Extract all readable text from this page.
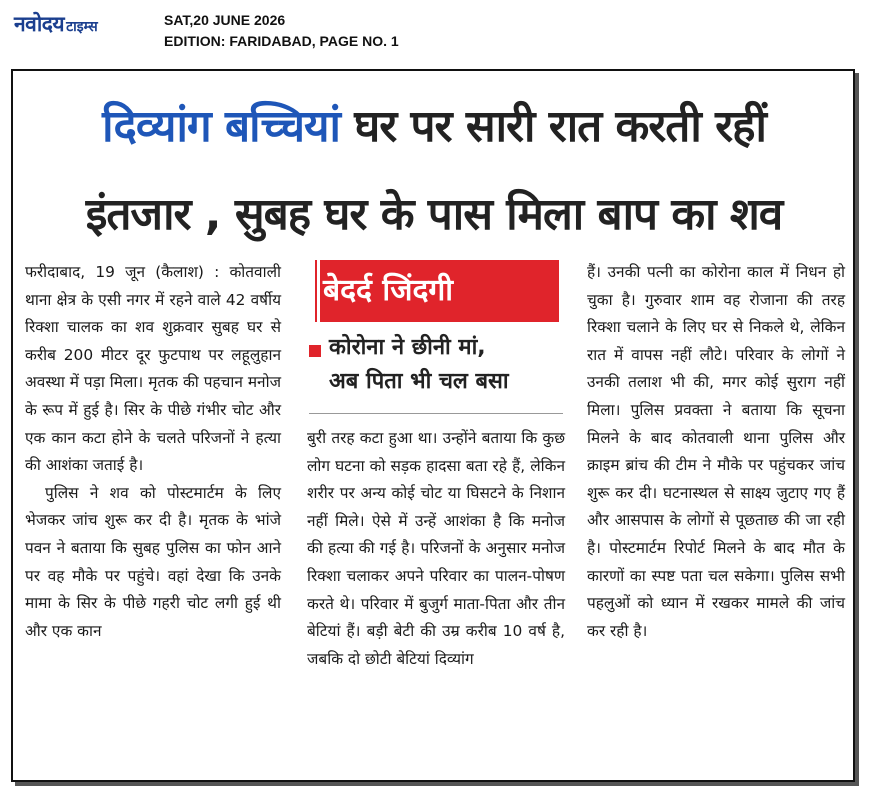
नवोदय टाइम्स	SAT,20 JUNE 2026
EDITION: FARIDABAD, PAGE NO. 1
दिव्यांग बच्चियां घर पर सारी रात करती रहीं
इंतजार , सुबह घर के पास मिला बाप का शव

फरीदाबाद, 19 जून (कैलाश) : कोतवाली थाना क्षेत्र के एसी नगर में रहने वाले 42 वर्षीय रिक्शा चालक का शव शुक्रवार सुबह घर से करीब 200 मीटर दूर फुटपाथ पर लहूलुहान अवस्था में पड़ा मिला। मृतक की पहचान मनोज के रूप में हुई है। सिर के पीछे गंभीर चोट और एक कान कटा होने के चलते परिजनों ने हत्या की आशंका जताई है।

पुलिस ने शव को पोस्टमार्टम के लिए भेजकर जांच शुरू कर दी है। मृतक के भांजे पवन ने बताया कि सुबह पुलिस का फोन आने पर वह मौके पर पहुंचे। वहां देखा कि उनके मामा के सिर के पीछे गहरी चोट लगी हुई थी और एक कान

बेदर्द जिंदगी
कोरोना ने छीनी मां,
अब पिता भी चल बसा

बुरी तरह कटा हुआ था। उन्होंने बताया कि कुछ लोग घटना को सड़क हादसा बता रहे हैं, लेकिन शरीर पर अन्य कोई चोट या घिसटने के निशान नहीं मिले। ऐसे में उन्हें आशंका है कि मनोज की हत्या की गई है। परिजनों के अनुसार मनोज रिक्शा चलाकर अपने परिवार का पालन-पोषण करते थे। परिवार में बुजुर्ग माता-पिता और तीन बेटियां हैं। बड़ी बेटी की उम्र करीब 10 वर्ष है, जबकि दो छोटी बेटियां दिव्यांग

हैं। उनकी पत्नी का कोरोना काल में निधन हो चुका है। गुरुवार शाम वह रोजाना की तरह रिक्शा चलाने के लिए घर से निकले थे, लेकिन रात में वापस नहीं लौटे। परिवार के लोगों ने उनकी तलाश भी की, मगर कोई सुराग नहीं मिला। पुलिस प्रवक्ता ने बताया कि सूचना मिलने के बाद कोतवाली थाना पुलिस और क्राइम ब्रांच की टीम ने मौके पर पहुंचकर जांच शुरू कर दी। घटनास्थल से साक्ष्य जुटाए गए हैं और आसपास के लोगों से पूछताछ की जा रही है। पोस्टमार्टम रिपोर्ट मिलने के बाद मौत के कारणों का स्पष्ट पता चल सकेगा। पुलिस सभी पहलुओं को ध्यान में रखकर मामले की जांच कर रही है।
